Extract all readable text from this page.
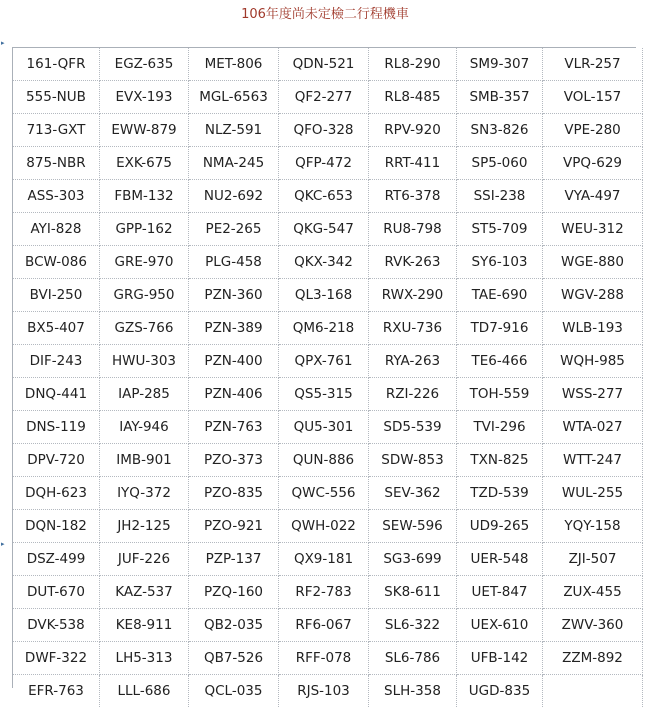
106年度尚未定檢二行程機車
▸
▸
161-QFR	EGZ-635	MET-806	QDN-521	RL8-290	SM9-307	VLR-257
555-NUB	EVX-193	MGL-6563	QF2-277	RL8-485	SMB-357	VOL-157
713-GXT	EWW-879	NLZ-591	QFO-328	RPV-920	SN3-826	VPE-280
875-NBR	EXK-675	NMA-245	QFP-472	RRT-411	SP5-060	VPQ-629
ASS-303	FBM-132	NU2-692	QKC-653	RT6-378	SSI-238	VYA-497
AYI-828	GPP-162	PE2-265	QKG-547	RU8-798	ST5-709	WEU-312
BCW-086	GRE-970	PLG-458	QKX-342	RVK-263	SY6-103	WGE-880
BVI-250	GRG-950	PZN-360	QL3-168	RWX-290	TAE-690	WGV-288
BX5-407	GZS-766	PZN-389	QM6-218	RXU-736	TD7-916	WLB-193
DIF-243	HWU-303	PZN-400	QPX-761	RYA-263	TE6-466	WQH-985
DNQ-441	IAP-285	PZN-406	QS5-315	RZI-226	TOH-559	WSS-277
DNS-119	IAY-946	PZN-763	QU5-301	SD5-539	TVI-296	WTA-027
DPV-720	IMB-901	PZO-373	QUN-886	SDW-853	TXN-825	WTT-247
DQH-623	IYQ-372	PZO-835	QWC-556	SEV-362	TZD-539	WUL-255
DQN-182	JH2-125	PZO-921	QWH-022	SEW-596	UD9-265	YQY-158
DSZ-499	JUF-226	PZP-137	QX9-181	SG3-699	UER-548	ZJI-507
DUT-670	KAZ-537	PZQ-160	RF2-783	SK8-611	UET-847	ZUX-455
DVK-538	KE8-911	QB2-035	RF6-067	SL6-322	UEX-610	ZWV-360
DWF-322	LH5-313	QB7-526	RFF-078	SL6-786	UFB-142	ZZM-892
EFR-763	LLL-686	QCL-035	RJS-103	SLH-358	UGD-835	
